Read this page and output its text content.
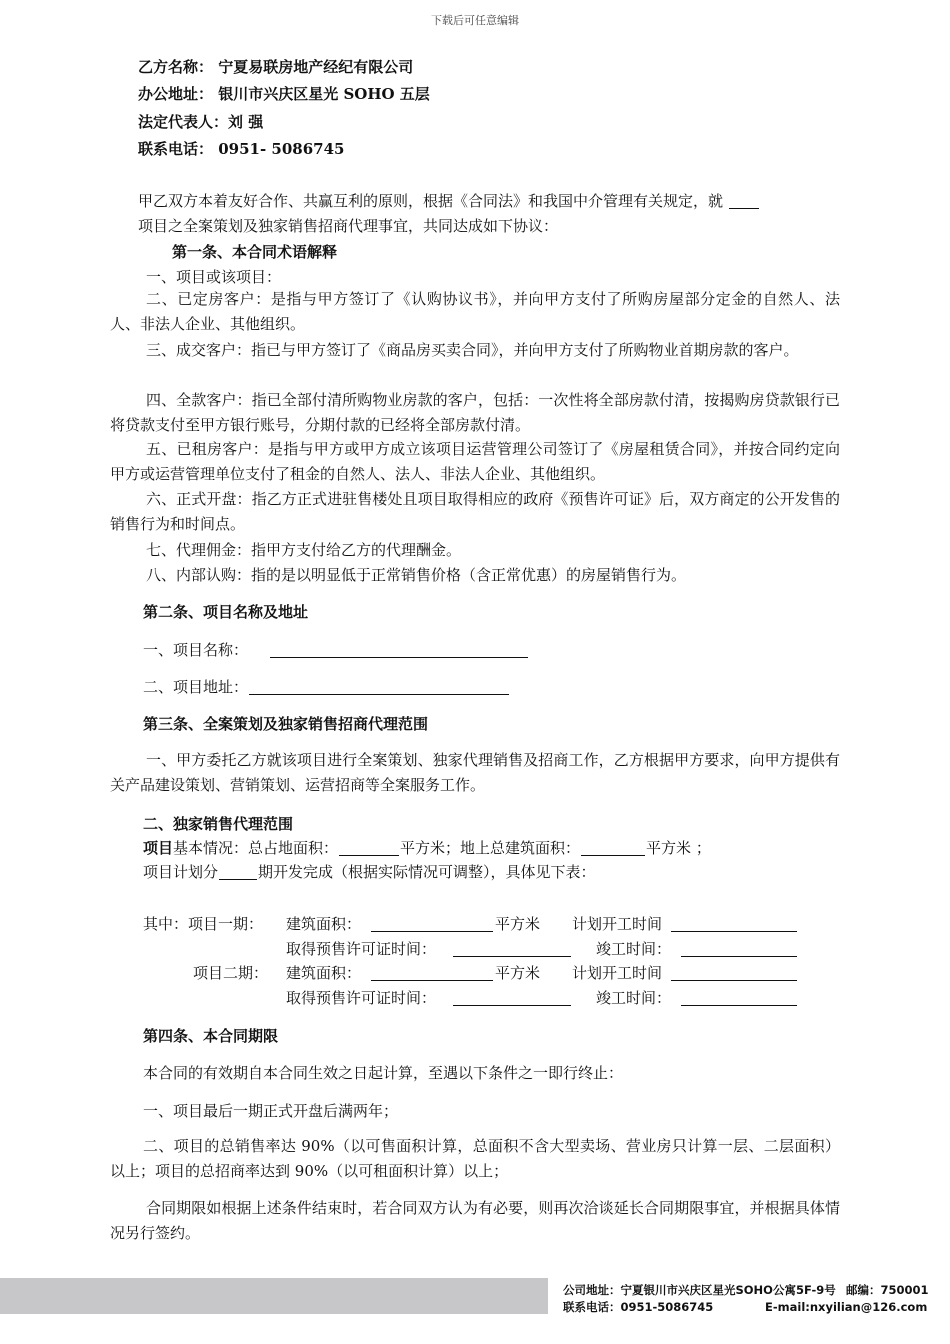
下载后可任意编辑
乙方名称： 宁夏易联房地产经纪有限公司
办公地址： 银川市兴庆区星光 SOHO 五层
法定代表人：刘 强
联系电话： 0951- 5086745
甲乙双方本着友好合作、共赢互利的原则，根据《合同法》和我国中介管理有关规定，就
项目之全案策划及独家销售招商代理事宜，共同达成如下协议：
第一条、本合同术语解释
一、项目或该项目：
二、已定房客户：是指与甲方签订了《认购协议书》，并向甲方支付了所购房屋部分定金的自然人、法人、非法人企业、其他组织。
三、成交客户：指已与甲方签订了《商品房买卖合同》，并向甲方支付了所购物业首期房款的客户。
四、全款客户：指已全部付清所购物业房款的客户，包括：一次性将全部房款付清，按揭购房贷款银行已将贷款支付至甲方银行账号，分期付款的已经将全部房款付清。
五、已租房客户：是指与甲方或甲方成立该项目运营管理公司签订了《房屋租赁合同》，并按合同约定向甲方或运营管理单位支付了租金的自然人、法人、非法人企业、其他组织。
六、正式开盘：指乙方正式进驻售楼处且项目取得相应的政府《预售许可证》后，双方商定的公开发售的销售行为和时间点。
七、代理佣金：指甲方支付给乙方的代理酬金。
八、内部认购：指的是以明显低于正常销售价格（含正常优惠）的房屋销售行为。
第二条、项目名称及地址
一、项目名称：
二、项目地址：
第三条、全案策划及独家销售招商代理范围
一、甲方委托乙方就该项目进行全案策划、独家代理销售及招商工作，乙方根据甲方要求，向甲方提供有关产品建设策划、营销策划、运营招商等全案服务工作。
二、独家销售代理范围
项目基本情况：总占地面积：	平方米；地上总建筑面积：	平方米 ；
项目计划分	期开发完成（根据实际情况可调整），具体见下表：
其中：项目一期： 建筑面积：	平方米 计划开工时间
取得预售许可证时间：	竣工时间：
项目二期： 建筑面积：	平方米 计划开工时间
取得预售许可证时间：	竣工时间：
第四条、本合同期限
本合同的有效期自本合同生效之日起计算，至遇以下条件之一即行终止：
一、项目最后一期正式开盘后满两年；
二、项目的总销售率达 90%（以可售面积计算，总面积不含大型卖场、营业房只计算一层、二层面积）以上；项目的总招商率达到 90%（以可租面积计算）以上；
合同期限如根据上述条件结束时，若合同双方认为有必要，则再次洽谈延长合同期限事宜，并根据具体情况另行签约。
公司地址：宁夏银川市兴庆区星光SOHO公寓5F-9号 邮编：750001
联系电话：0951-5086745	E-mail:nxyilian@126.com
